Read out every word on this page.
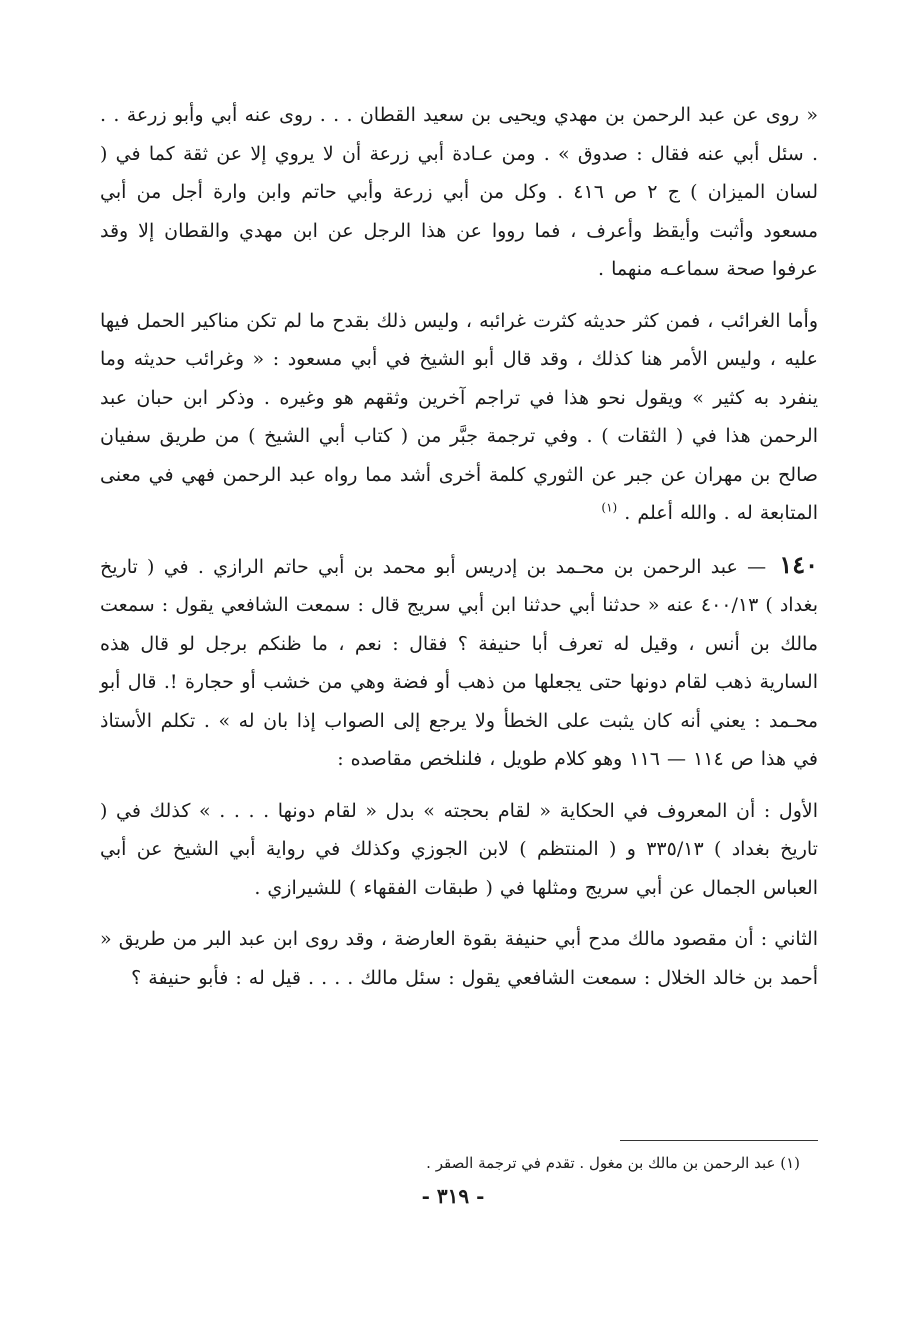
« روى عن عبد الرحمن بن مهدي ويحيى بن سعيد القطان . . . روى عنه أبي وأبو زرعة . . . سئل أبي عنه فقال : صدوق » . ومن عـادة أبي زرعة أن لا يروي إلا عن ثقة كما في ( لسان الميزان ) ج ٢ ص ٤١٦ . وكل من أبي زرعة وأبي حاتم وابن وارة أجل من أبي مسعود وأثبت وأيقظ وأعرف ، فما رووا عن هذا الرجل عن ابن مهدي والقطان إلا وقد عرفوا صحة سماعـه منهما .

وأما الغرائب ، فمن كثر حديثه كثرت غرائبه ، وليس ذلك بقدح ما لم تكن مناكير الحمل فيها عليه ، وليس الأمر هنا كذلك ، وقد قال أبو الشيخ في أبي مسعود : « وغرائب حديثه وما ينفرد به كثير » ويقول نحو هذا في تراجم آخرين وثقهم هو وغيره . وذكر ابن حبان عبد الرحمن هذا في ( الثقات ) . وفي ترجمة جبَّر من ( كتاب أبي الشيخ ) من طريق سفيان صالح بن مهران عن جبر عن الثوري كلمة أخرى أشد مما رواه عبد الرحمن فهي في معنى المتابعة له . والله أعلم . $^{(١)}$

١٤٠ — عبد الرحمن بن محـمد بن إدريس أبو محمد بن أبي حاتم الرازي . في ( تاريخ بغداد ) ٤٠٠/١٣ عنه « حدثنا أبي حدثنا ابن أبي سريج قال : سمعت الشافعي يقول : سمعت مالك بن أنس ، وقيل له تعرف أبا حنيفة ؟ فقال : نعم ، ما ظنكم برجل لو قال هذه السارية ذهب لقام دونها حتى يجعلها من ذهب أو فضة وهي من خشب أو حجارة !. قال أبو محـمد : يعني أنه كان يثبت على الخطأ ولا يرجع إلى الصواب إذا بان له » . تكلم الأستاذ في هذا ص ١١٤ — ١١٦ وهو كلام طويل ، فلنلخص مقاصده :

الأول : أن المعروف في الحكاية « لقام بحجته » بدل « لقام دونها . . . . » كذلك في ( تاريخ بغداد ) ٣٣٥/١٣ و ( المنتظم ) لابن الجوزي وكذلك في رواية أبي الشيخ عن أبي العباس الجمال عن أبي سريج ومثلها في ( طبقات الفقهاء ) للشيرازي .

الثاني : أن مقصود مالك مدح أبي حنيفة بقوة العارضة ، وقد روى ابن عبد البر من طريق « أحمد بن خالد الخلال : سمعت الشافعي يقول : سئل مالك . . . . قيل له : فأبو حنيفة ؟

(١) عبد الرحمن بن مالك بن مغول . تقدم في ترجمة الصقر .
- ٣١٩ -
